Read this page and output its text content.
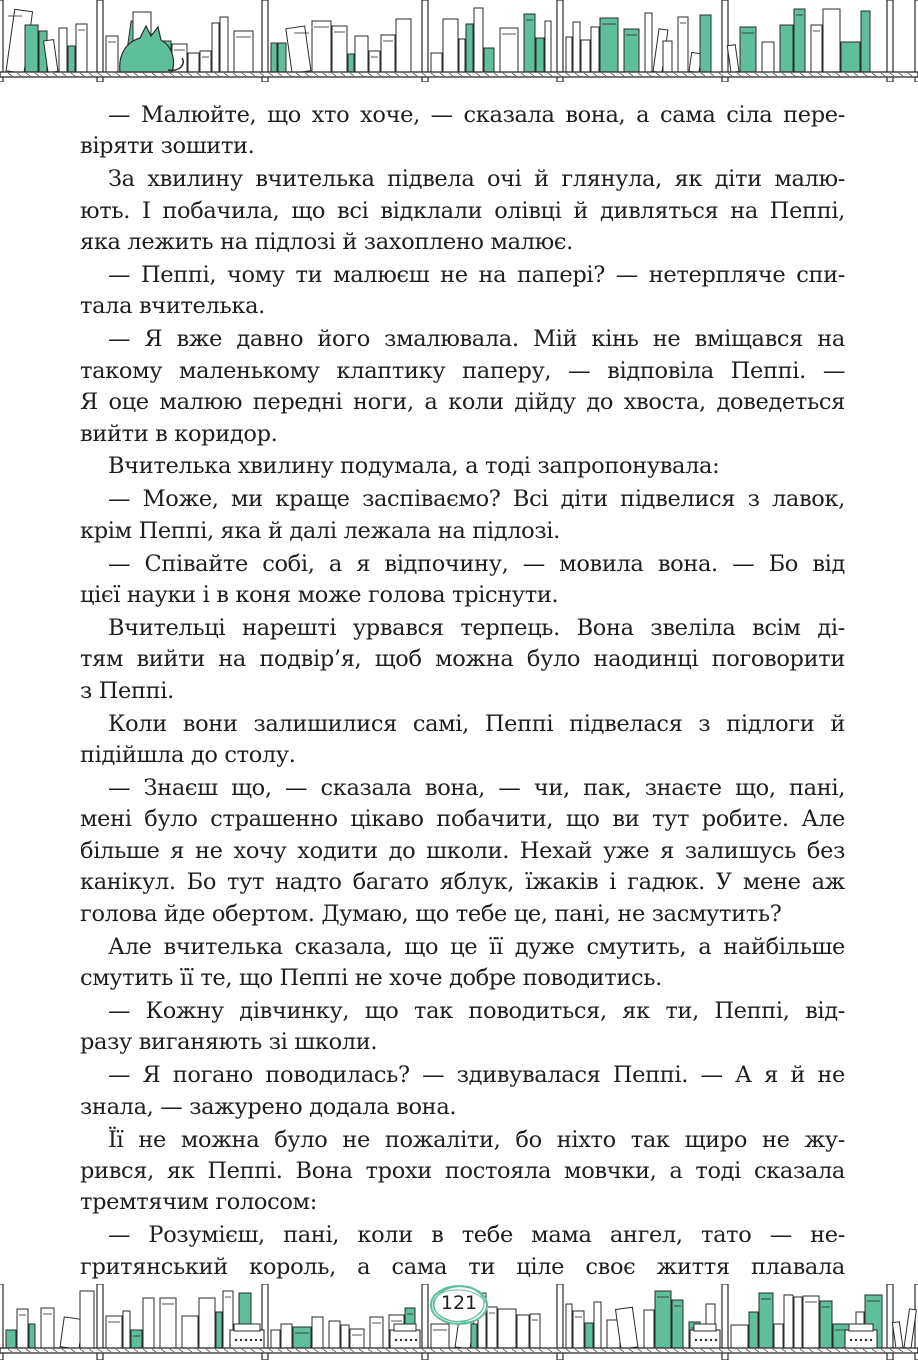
— Малюйте, що хто хоче, — сказала вона, а сама сіла пере-
віряти зошити.

За хвилину вчителька підвела очі й глянула, як діти малю-
ють. І побачила, що всі відклали олівці й дивляться на Пеппі,
яка лежить на підлозі й захоплено малює.

— Пеппі, чому ти малюєш не на папері? — нетерпляче спи-
тала вчителька.

— Я вже давно його змалювала. Мій кінь не вміщався на
такому маленькому клаптику паперу, — відповіла Пеппі. —
Я оце малюю передні ноги, а коли дійду до хвоста, доведеться
вийти в коридор.

Вчителька хвилину подумала, а тоді запропонувала:

— Може, ми краще заспіваємо? Всі діти підвелися з лавок,
крім Пеппі, яка й далі лежала на підлозі.

— Співайте собі, а я відпочину, — мовила вона. — Бо від
цієї науки і в коня може голова тріснути.

Вчительці нарешті урвався терпець. Вона звеліла всім ді-
тям вийти на подвір’я, щоб можна було наодинці поговорити
з Пеппі.

Коли вони залишилися самі, Пеппі підвелася з підлоги й
підійшла до столу.

— Знаєш що, — сказала вона, — чи, пак, знаєте що, пані,
мені було страшенно цікаво побачити, що ви тут робите. Але
більше я не хочу ходити до школи. Нехай уже я залишусь без
канікул. Бо тут надто багато яблук, їжаків і гадюк. У мене аж
голова йде обертом. Думаю, що тебе це, пані, не засмутить?

Але вчителька сказала, що це її дуже смутить, а найбільше
смутить її те, що Пеппі не хоче добре поводитись.

— Кожну дівчинку, що так поводиться, як ти, Пеппі, від-
разу виганяють зі школи.

— Я погано поводилась? — здивувалася Пеппі. — А я й не
знала, — зажурено додала вона.

Її не можна було не пожаліти, бо ніхто так щиро не жу-
рився, як Пеппі. Вона трохи постояла мовчки, а тоді сказала
тремтячим голосом:

— Розумієш, пані, коли в тебе мама ангел, тато — не-
гритянський король, а сама ти ціле своє життя плавала

121
